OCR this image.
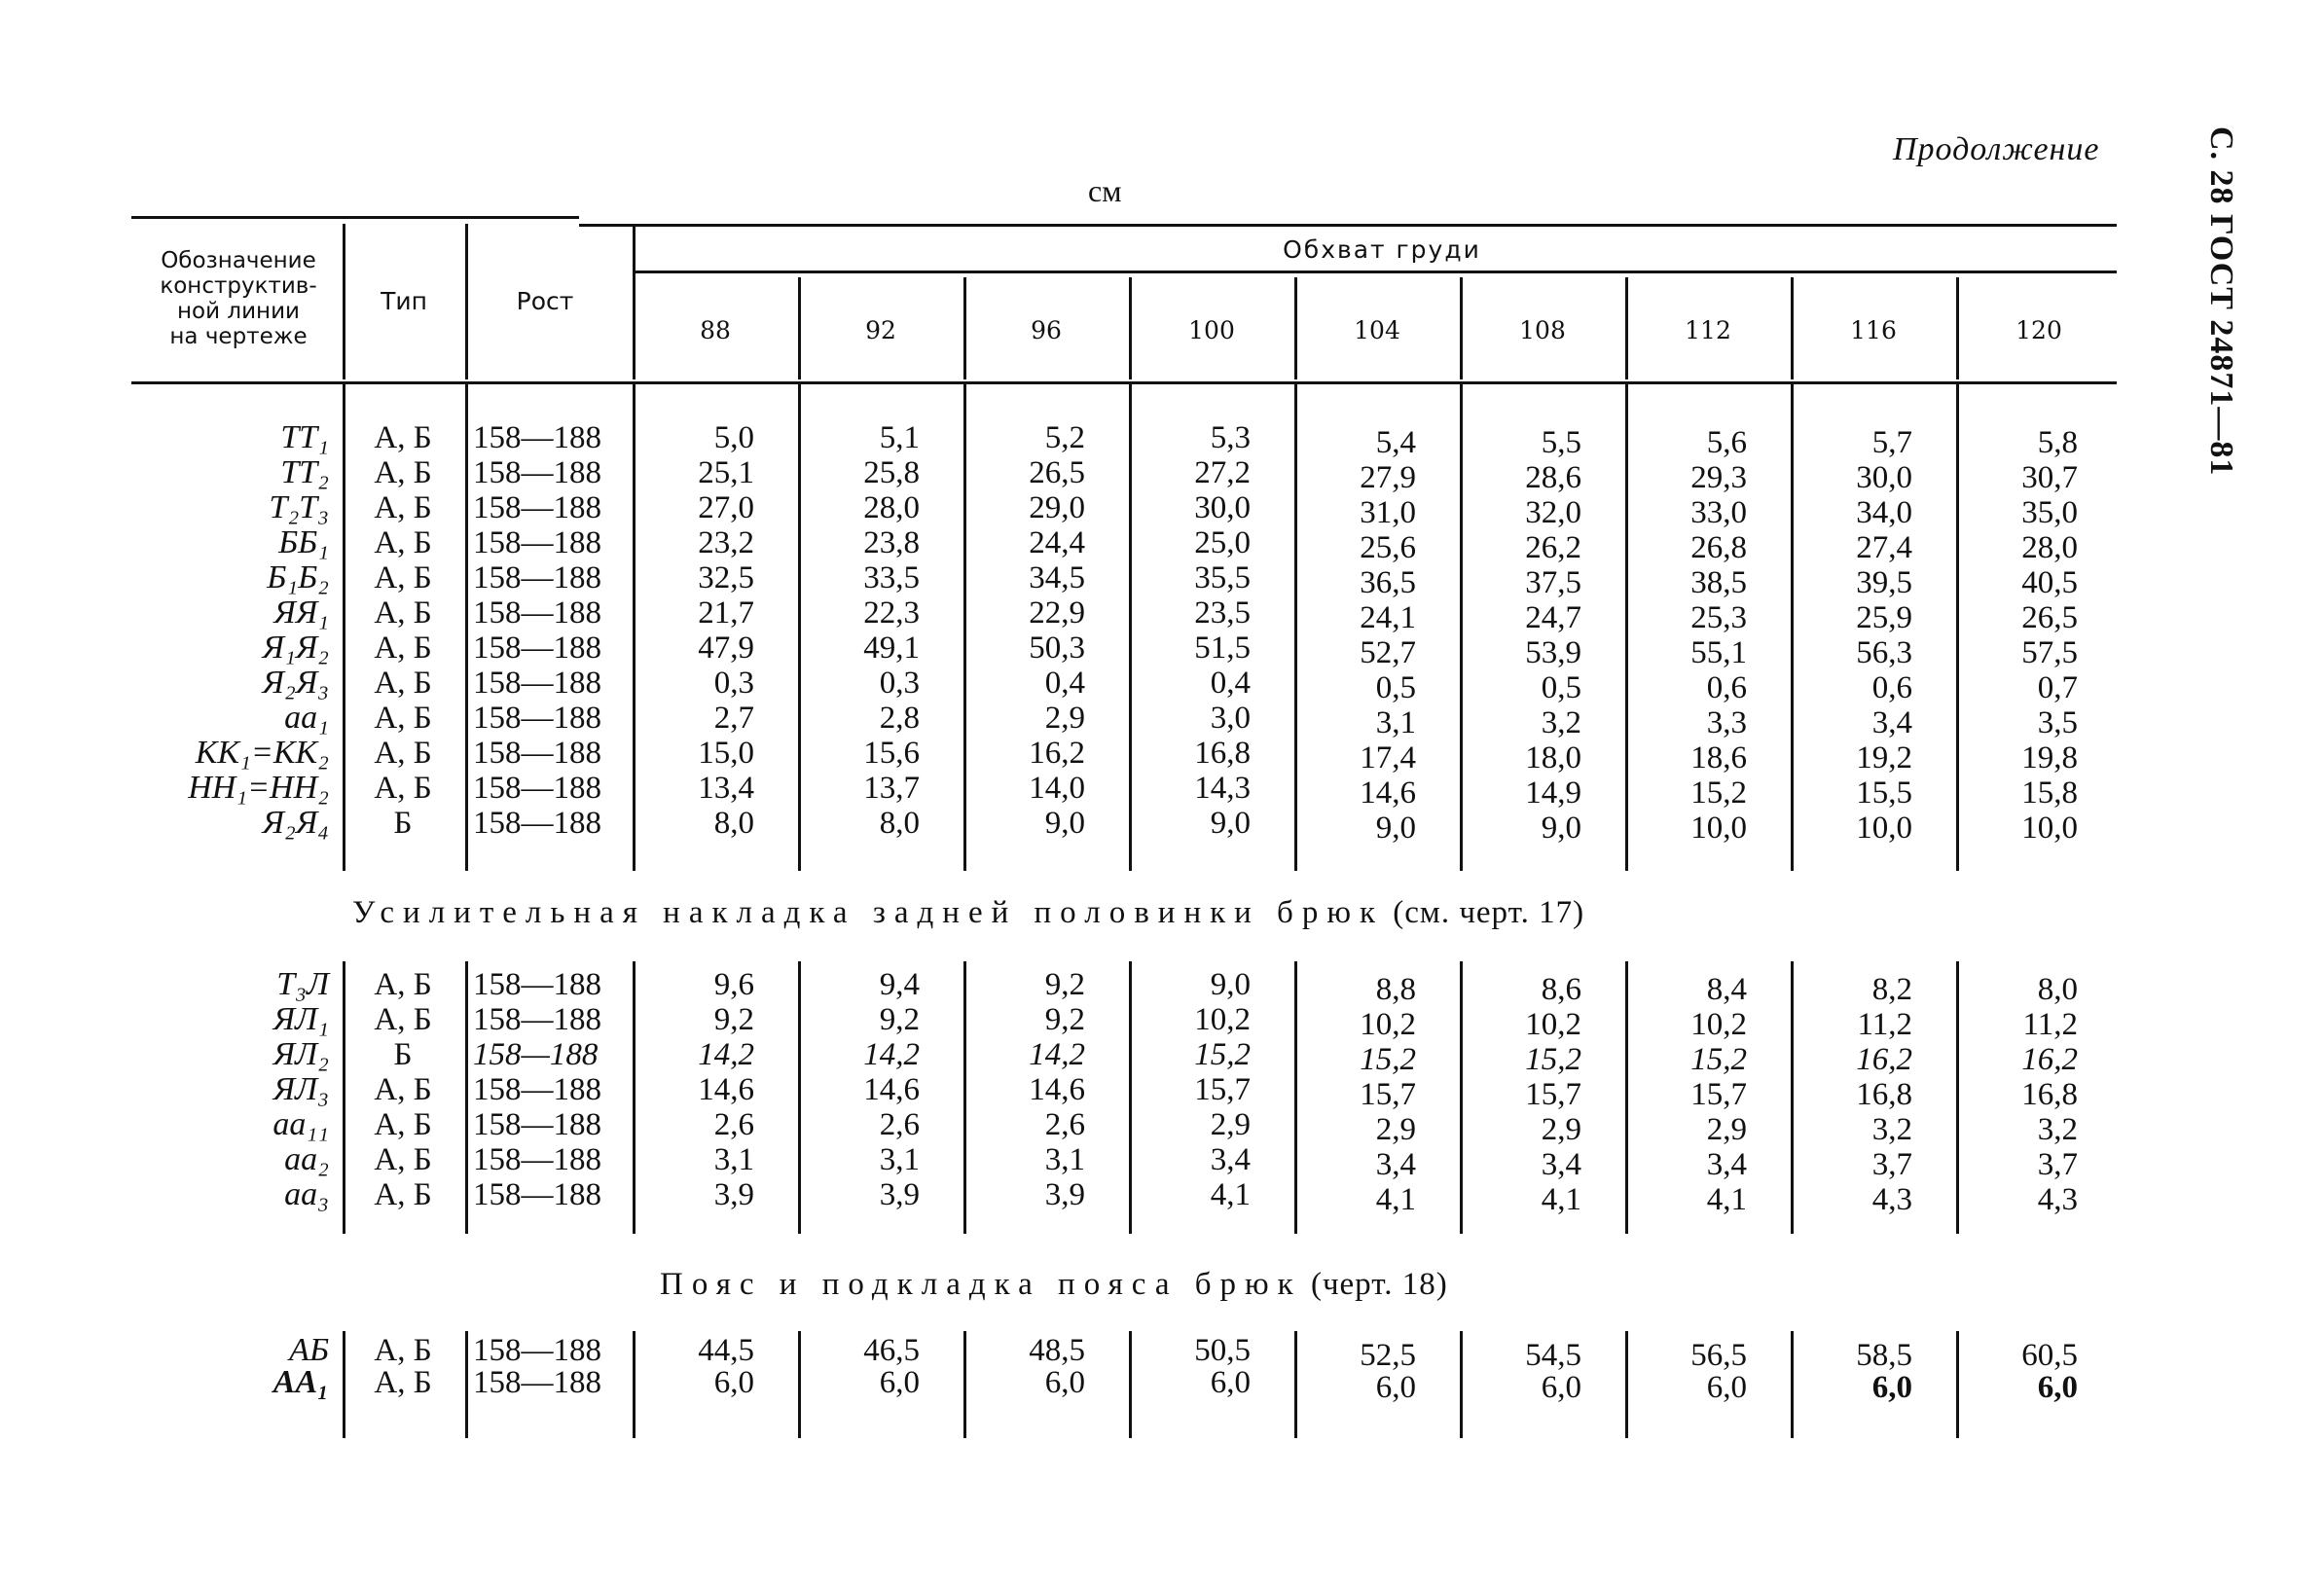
Продолжение	С. 28 ГОСТ 24871—81
см
Обозначение
конструктив-
ной линии
на чертеже
Тип	Рост
Обхват груди
88	92	96	100	104	108	112	116	120
TT₁	А, Б	158—188	5,0	5,1	5,2	5,3	5,4	5,5	5,6	5,7	5,8
TT₂	А, Б	158—188	25,1	25,8	26,5	27,2	27,9	28,6	29,3	30,0	30,7
T₂T₃	А, Б	158—188	27,0	28,0	29,0	30,0	31,0	32,0	33,0	34,0	35,0
ББ₁	А, Б	158—188	23,2	23,8	24,4	25,0	25,6	26,2	26,8	27,4	28,0
Б₁Б₂	А, Б	158—188	32,5	33,5	34,5	35,5	36,5	37,5	38,5	39,5	40,5
ЯЯ₁	А, Б	158—188	21,7	22,3	22,9	23,5	24,1	24,7	25,3	25,9	26,5
Я₁Я₂	А, Б	158—188	47,9	49,1	50,3	51,5	52,7	53,9	55,1	56,3	57,5
Я₂Я₃	А, Б	158—188	0,3	0,3	0,4	0,4	0,5	0,5	0,6	0,6	0,7
aa₁	А, Б	158—188	2,7	2,8	2,9	3,0	3,1	3,2	3,3	3,4	3,5
KK₁=KK₂	А, Б	158—188	15,0	15,6	16,2	16,8	17,4	18,0	18,6	19,2	19,8
HH₁=HH₂	А, Б	158—188	13,4	13,7	14,0	14,3	14,6	14,9	15,2	15,5	15,8
Я₂Я₄	Б	158—188	8,0	8,0	9,0	9,0	9,0	9,0	10,0	10,0	10,0
Усилительная накладка задней половинки брюк (см. черт. 17)
T₃Л	А, Б	158—188	9,6	9,4	9,2	9,0	8,8	8,6	8,4	8,2	8,0
ЯЛ₁	А, Б	158—188	9,2	9,2	9,2	10,2	10,2	10,2	10,2	11,2	11,2
ЯЛ₂	Б	158—188	14,2	14,2	14,2	15,2	15,2	15,2	15,2	16,2	16,2
ЯЛ₃	А, Б	158—188	14,6	14,6	14,6	15,7	15,7	15,7	15,7	16,8	16,8
aa₁₁	А, Б	158—188	2,6	2,6	2,6	2,9	2,9	2,9	2,9	3,2	3,2
aa₂	А, Б	158—188	3,1	3,1	3,1	3,4	3,4	3,4	3,4	3,7	3,7
aa₃	А, Б	158—188	3,9	3,9	3,9	4,1	4,1	4,1	4,1	4,3	4,3
Пояс и подкладка пояса брюк (черт. 18)
АБ	А, Б	158—188	44,5	46,5	48,5	50,5	52,5	54,5	56,5	58,5	60,5
АА₁	А, Б	158—188	6,0	6,0	6,0	6,0	6,0	6,0	6,0	6,0	6,0
